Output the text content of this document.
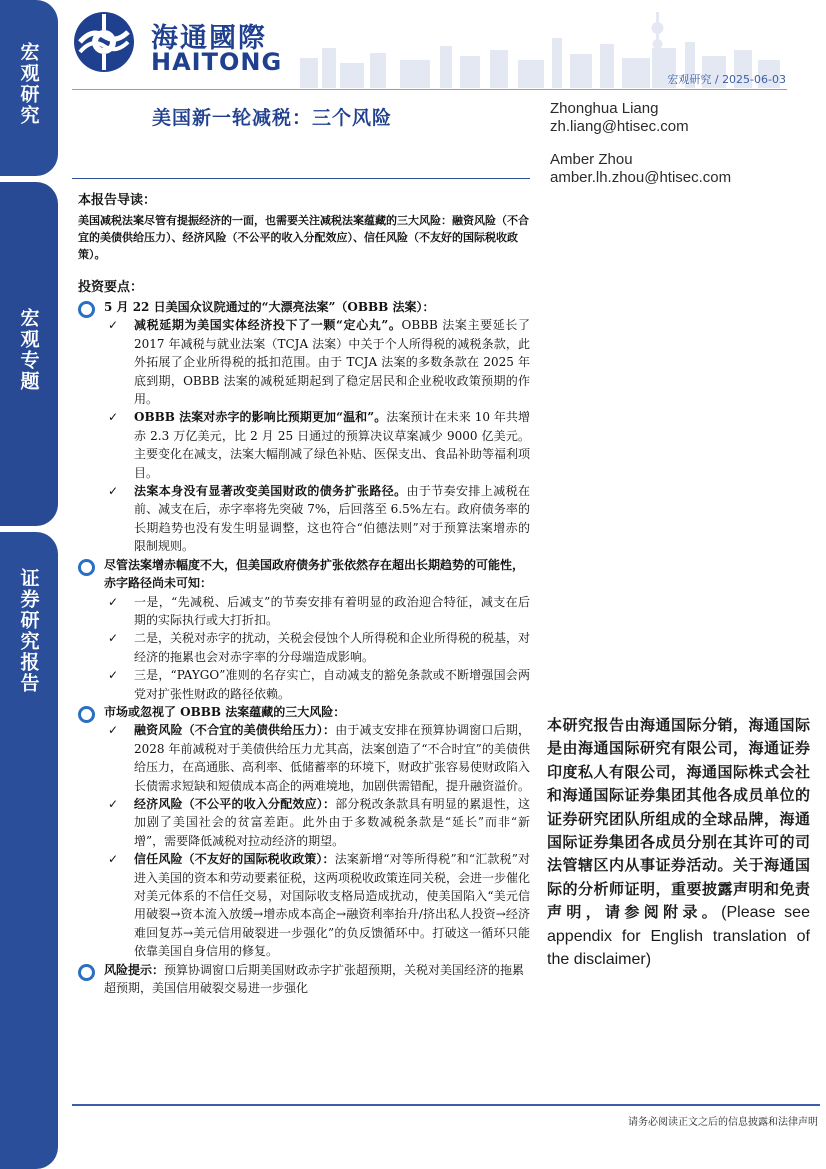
宏观研究
宏观专题
证券研究报告
海通國際
HAITONG
宏观研究 / 2025-06-03
美国新一轮减税：三个风险	Zhonghua Liang
zh.liang@htisec.com
Amber Zhou
amber.lh.zhou@htisec.com
本报告导读：
美国减税法案尽管有提振经济的一面，也需要关注减税法案蕴藏的三大风险：融资风险（不合宜的美债供给压力）、经济风险（不公平的收入分配效应）、信任风险（不友好的国际税收政策）。
投资要点：
5 月 22 日美国众议院通过的“大漂亮法案”（OBBB 法案）：
✓ 减税延期为美国实体经济投下了一颗“定心丸”。OBBB 法案主要延长了 2017 年减税与就业法案（TCJA 法案）中关于个人所得税的减税条款，此外拓展了企业所得税的抵扣范围。由于 TCJA 法案的多数条款在 2025 年底到期，OBBB 法案的减税延期起到了稳定居民和企业税收政策预期的作用。
✓ OBBB 法案对赤字的影响比预期更加“温和”。法案预计在未来 10 年共增赤 2.3 万亿美元，比 2 月 25 日通过的预算决议草案减少 9000 亿美元。主要变化在减支，法案大幅削减了绿色补贴、医保支出、食品补助等福利项目。
✓ 法案本身没有显著改变美国财政的债务扩张路径。由于节奏安排上减税在前、减支在后，赤字率将先突破 7%，后回落至 6.5%左右。政府债务率的长期趋势也没有发生明显调整，这也符合“伯德法则”对于预算法案增赤的限制规则。
尽管法案增赤幅度不大，但美国政府债务扩张依然存在超出长期趋势的可能性，赤字路径尚未可知：
✓ 一是，“先减税、后减支”的节奏安排有着明显的政治迎合特征，减支在后期的实际执行或大打折扣。
✓ 二是，关税对赤字的扰动，关税会侵蚀个人所得税和企业所得税的税基，对经济的拖累也会对赤字率的分母端造成影响。
✓ 三是，“PAYGO”准则的名存实亡，自动减支的豁免条款或不断增强国会两党对扩张性财政的路径依赖。
市场或忽视了 OBBB 法案蕴藏的三大风险：
✓ 融资风险（不合宜的美债供给压力）：由于减支安排在预算协调窗口后期，2028 年前减税对于美债供给压力尤其高，法案创造了“不合时宜”的美债供给压力，在高通胀、高利率、低储蓄率的环境下，财政扩张容易使财政陷入长债需求短缺和短债成本高企的两难境地，加剧供需错配，提升融资溢价。
✓ 经济风险（不公平的收入分配效应）：部分税改条款具有明显的累退性，这加剧了美国社会的贫富差距。此外由于多数减税条款是“延长”而非“新增”，需要降低减税对拉动经济的期望。
✓ 信任风险（不友好的国际税收政策）：法案新增“对等所得税”和“汇款税”对进入美国的资本和劳动要素征税，这两项税收政策连同关税，会进一步催化对美元体系的不信任交易，对国际收支格局造成扰动，使美国陷入“美元信用破裂→资本流入放缓→增赤成本高企→融资利率抬升/挤出私人投资→经济难回复苏→美元信用破裂进一步强化”的负反馈循环中。打破这一循环只能依靠美国自身信用的修复。
风险提示：预算协调窗口后期美国财政赤字扩张超预期，关税对美国经济的拖累超预期，美国信用破裂交易进一步强化
本研究报告由海通国际分销，海通国际是由海通国际研究有限公司，海通证券印度私人有限公司，海通国际株式会社和海通国际证券集团其他各成员单位的证券研究团队所组成的全球品牌，海通国际证券集团各成员分别在其许可的司法管辖区内从事证券活动。关于海通国际的分析师证明，重要披露声明和免责声明，请参阅附录。(Please see appendix for English translation of the disclaimer)
请务必阅读正文之后的信息披露和法律声明
